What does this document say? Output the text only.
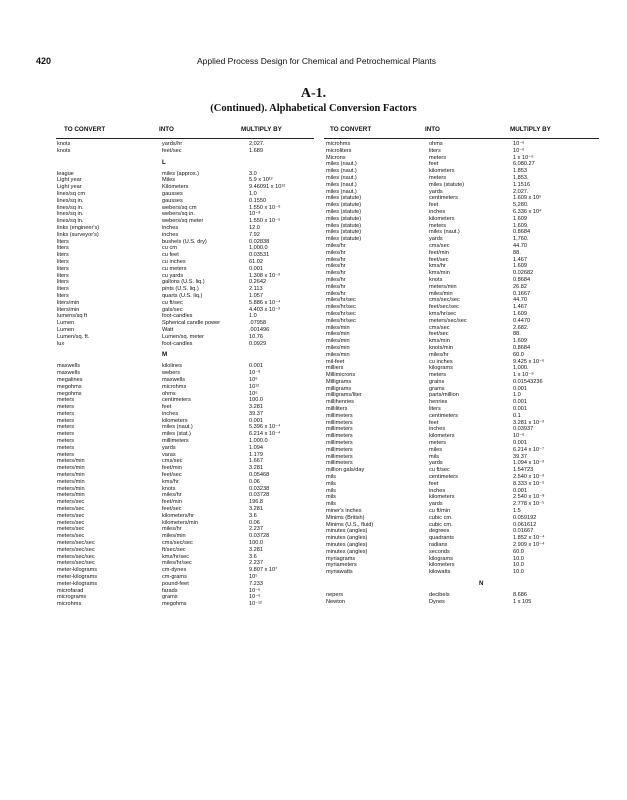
420	Applied Process Design for Chemical and Petrochemical Plants
A-1.
(Continued). Alphabetical Conversion Factors
TO CONVERT	INTO	MULTIPLY BY	TO CONVERT	INTO	MULTIPLY BY
knots	yards/hr	2,027.
knots	feet/sec	1.689
L
league	miles (approx.)	3.0
Light year	Miles	5.9 x 10¹²
Light year	Kilometers	9.46091 x 10¹²
lines/sq cm	gausses	1.0
lines/sq in.	gausses	0.1550
lines/sq in.	webers/sq cm	1.550 x 10⁻⁹
lines/sq in.	webers/sq in.	10⁻⁸
lines/sq in.	webers/sq meter	1.550 x 10⁻⁵
links (engineer's)	inches	12.0
links (surveyor's)	inches	7.92
liters	bushels (U.S. dry)	0.02838
liters	cu cm	1,000.0
liters	cu feet	0.03531
liters	cu inches	61.02
liters	cu meters	0.001
liters	cu yards	1.308 x 10⁻³
liters	gallons (U.S. liq.)	0.2642
liters	pints (U.S. liq.)	2.113
liters	quarts (U.S. liq.)	1.057
liters/min	cu ft/sec	5.886 x 10⁻⁴
liters/min	gals/sec	4.403 x 10⁻³
lumens/sq ft	foot-candles	1.0
Lumen	Spherical candle power	.07958
Lumen	Watt	.001496
Lumen/sq. ft.	Lumen/sq. meter	10.76
lux	foot-candles	0.0929
M
maxwells	kilolines	0.001
maxwells	webers	10⁻⁸
megalines	maxwells	10⁶
megohms	microhms	10¹²
megohms	ohms	10⁶
meters	centimeters	100.0
meters	feet	3.281
meters	inches	39.37
meters	kilometers	0.001
meters	miles (naut.)	5.396 x 10⁻⁴
meters	miles (stat.)	6.214 x 10⁻⁴
meters	millimeters	1,000.0
meters	yards	1.094
meters	varas	1.179
meters/min	cms/sec	1.667
meters/min	feet/min	3.281
meters/min	feet/sec	0.05468
meters/min	kms/hr	0.06
meters/min	knots	0.03238
meters/min	miles/hr	0.03728
meters/sec	feet/min	196.8
meters/sec	feet/sec	3.281
meters/sec	kilometers/hr	3.6
meters/sec	kilometers/min	0.06
meters/sec	miles/hr	2.237
meters/sec	miles/min	0.03728
meters/sec/sec	cms/sec/sec	100.0
meters/sec/sec	ft/sec/sec	3.281
meters/sec/sec	kms/hr/sec	3.6
meters/sec/sec	miles/hr/sec	2.237
meter-kilograms	cm-dynes	9.807 x 10⁷
meter-kilograms	cm-grams	10⁵
meter-kilograms	pound-feet	7.233
microfarad	farads	10⁻⁶
micrograms	grams	10⁻⁶
microhms	megohms	10⁻¹²
microhms	ohms	10⁻⁶
microliters	liters	10⁻⁶
Microns	meters	1 x 10⁻⁶
miles (naut.)	feet	6,080.27
miles (naut.)	kilometers	1.853
miles (naut.)	meters	1,853.
miles (naut.)	miles (statute)	1.1516
miles (naut.)	yards	2,027.
miles (statute)	centimeters	1.609 x 10⁵
miles (statute)	feet	5,280.
miles (statute)	inches	6.336 x 10⁴
miles (statute)	kilometers	1.609
miles (statute)	meters	1,609.
miles (statute)	miles (naut.)	0.8684
miles (statute)	yards	1,760.
miles/hr	cms/sec	44.70
miles/hr	feet/min	88.
miles/hr	feet/sec	1.467
miles/hr	kms/hr	1.609
miles/hr	kms/min	0.02682
miles/hr	knots	0.8684
miles/hr	meters/min	26.82
miles/hr	miles/min	0.1667
miles/hr/sec	cms/sec/sec	44.70
miles/hr/sec	feet/sec/sec	1.467
miles/hr/sec	kms/hr/sec	1.609
miles/hr/sec	meters/sec/sec	0.4470
miles/min	cms/sec	2,682.
miles/min	feet/sec	88.
miles/min	kms/min	1.609
miles/min	knots/min	0.8684
miles/min	miles/hr	60.0
mil-feet	cu inches	9.425 x 10⁻⁶
milliers	kilograms	1,000.
Millimicrons	meters	1 x 10⁻⁹
Milligrams	grains	0.01543236
milligrams	grams	0.001
milligrams/liter	parts/million	1.0
millihenries	henries	0.001
milliliters	liters	0.001
millimeters	centimeters	0.1
millimeters	feet	3.281 x 10⁻³
millimeters	inches	0.03937
millimeters	kilometers	10⁻⁶
millimeters	meters	0.001
millimeters	miles	6.214 x 10⁻⁷
millimeters	mils	39.37
millimeters	yards	1.094 x 10⁻³
million gals/day	cu ft/sec	1.54723
mils	centimeters	2.540 x 10⁻³
mils	feet	8.333 x 10⁻⁵
mils	inches	0.001
mils	kilometers	2.540 x 10⁻⁸
mils	yards	2.778 x 10⁻⁵
miner's inches	cu ft/min	1.5
Minims (British)	cubic cm.	0.059192
Minims (U.S., fluid)	cubic cm.	0.061612
minutes (angles)	degrees	0.01667
minutes (angles)	quadrants	1.852 x 10⁻⁴
minutes (angles)	radians	2.909 x 10⁻⁴
minutes (angles)	seconds	60.0
myriagrams	kilograms	10.0
myriameters	kilometers	10.0
myriawatts	kilowatts	10.0
N
nepers	decibels	8.686
Newton	Dynes	1 x 105
